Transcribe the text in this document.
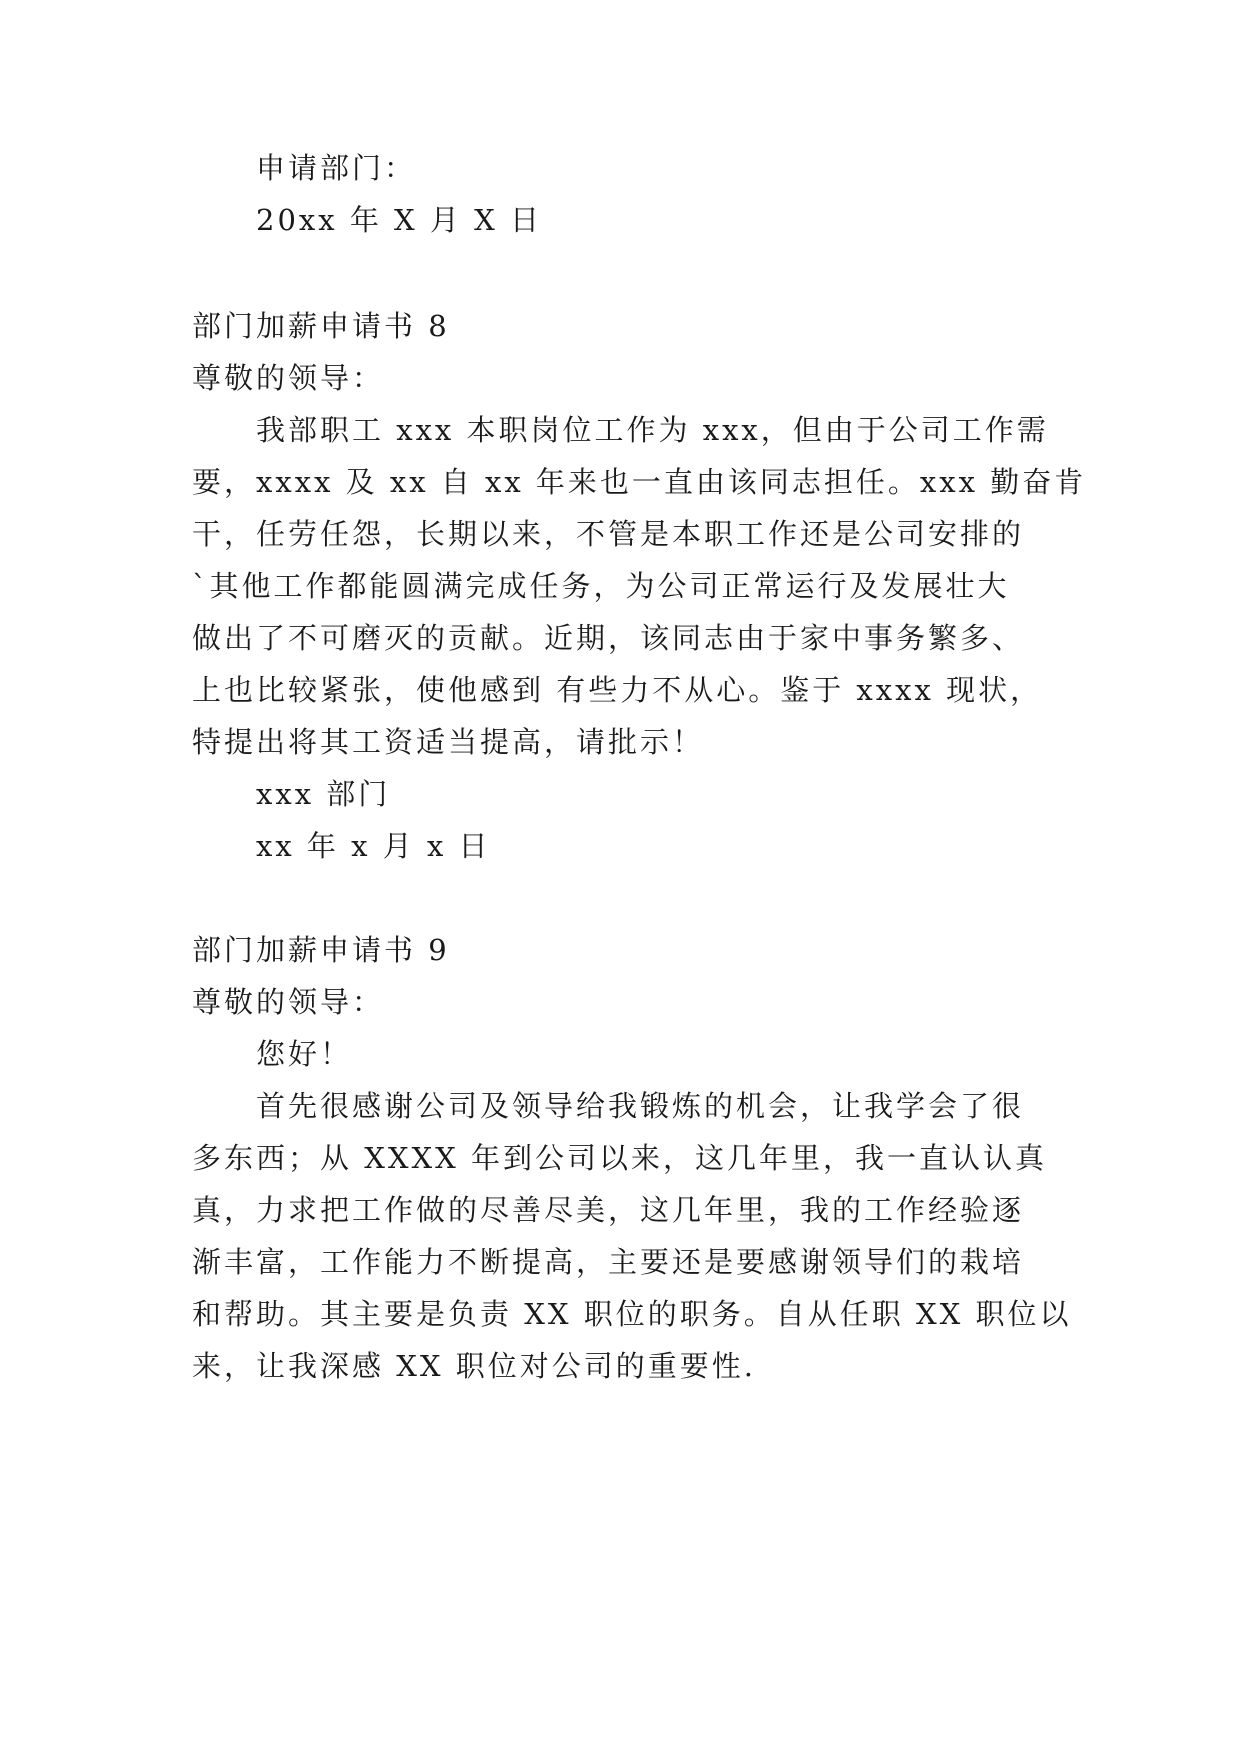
申请部门：
20xx 年 X 月 X 日
部门加薪申请书 8
尊敬的领导：
我部职工 xxx 本职岗位工作为 xxx，但由于公司工作需
要，xxxx 及 xx 自 xx 年来也一直由该同志担任。xxx 勤奋肯
干，任劳任怨，长期以来，不管是本职工作还是公司安排的
`其他工作都能圆满完成任务，为公司正常运行及发展壮大
做出了不可磨灭的贡献。近期，该同志由于家中事务繁多、
上也比较紧张，使他感到 有些力不从心。鉴于 xxxx 现状，
特提出将其工资适当提高，请批示！
xxx 部门
xx 年 x 月 x 日
部门加薪申请书 9
尊敬的领导：
您好！
首先很感谢公司及领导给我锻炼的机会，让我学会了很
多东西；从 XXXX 年到公司以来，这几年里，我一直认认真
真，力求把工作做的尽善尽美，这几年里，我的工作经验逐
渐丰富，工作能力不断提高，主要还是要感谢领导们的栽培
和帮助。其主要是负责 XX 职位的职务。自从任职 XX 职位以
来，让我深感 XX 职位对公司的重要性.
